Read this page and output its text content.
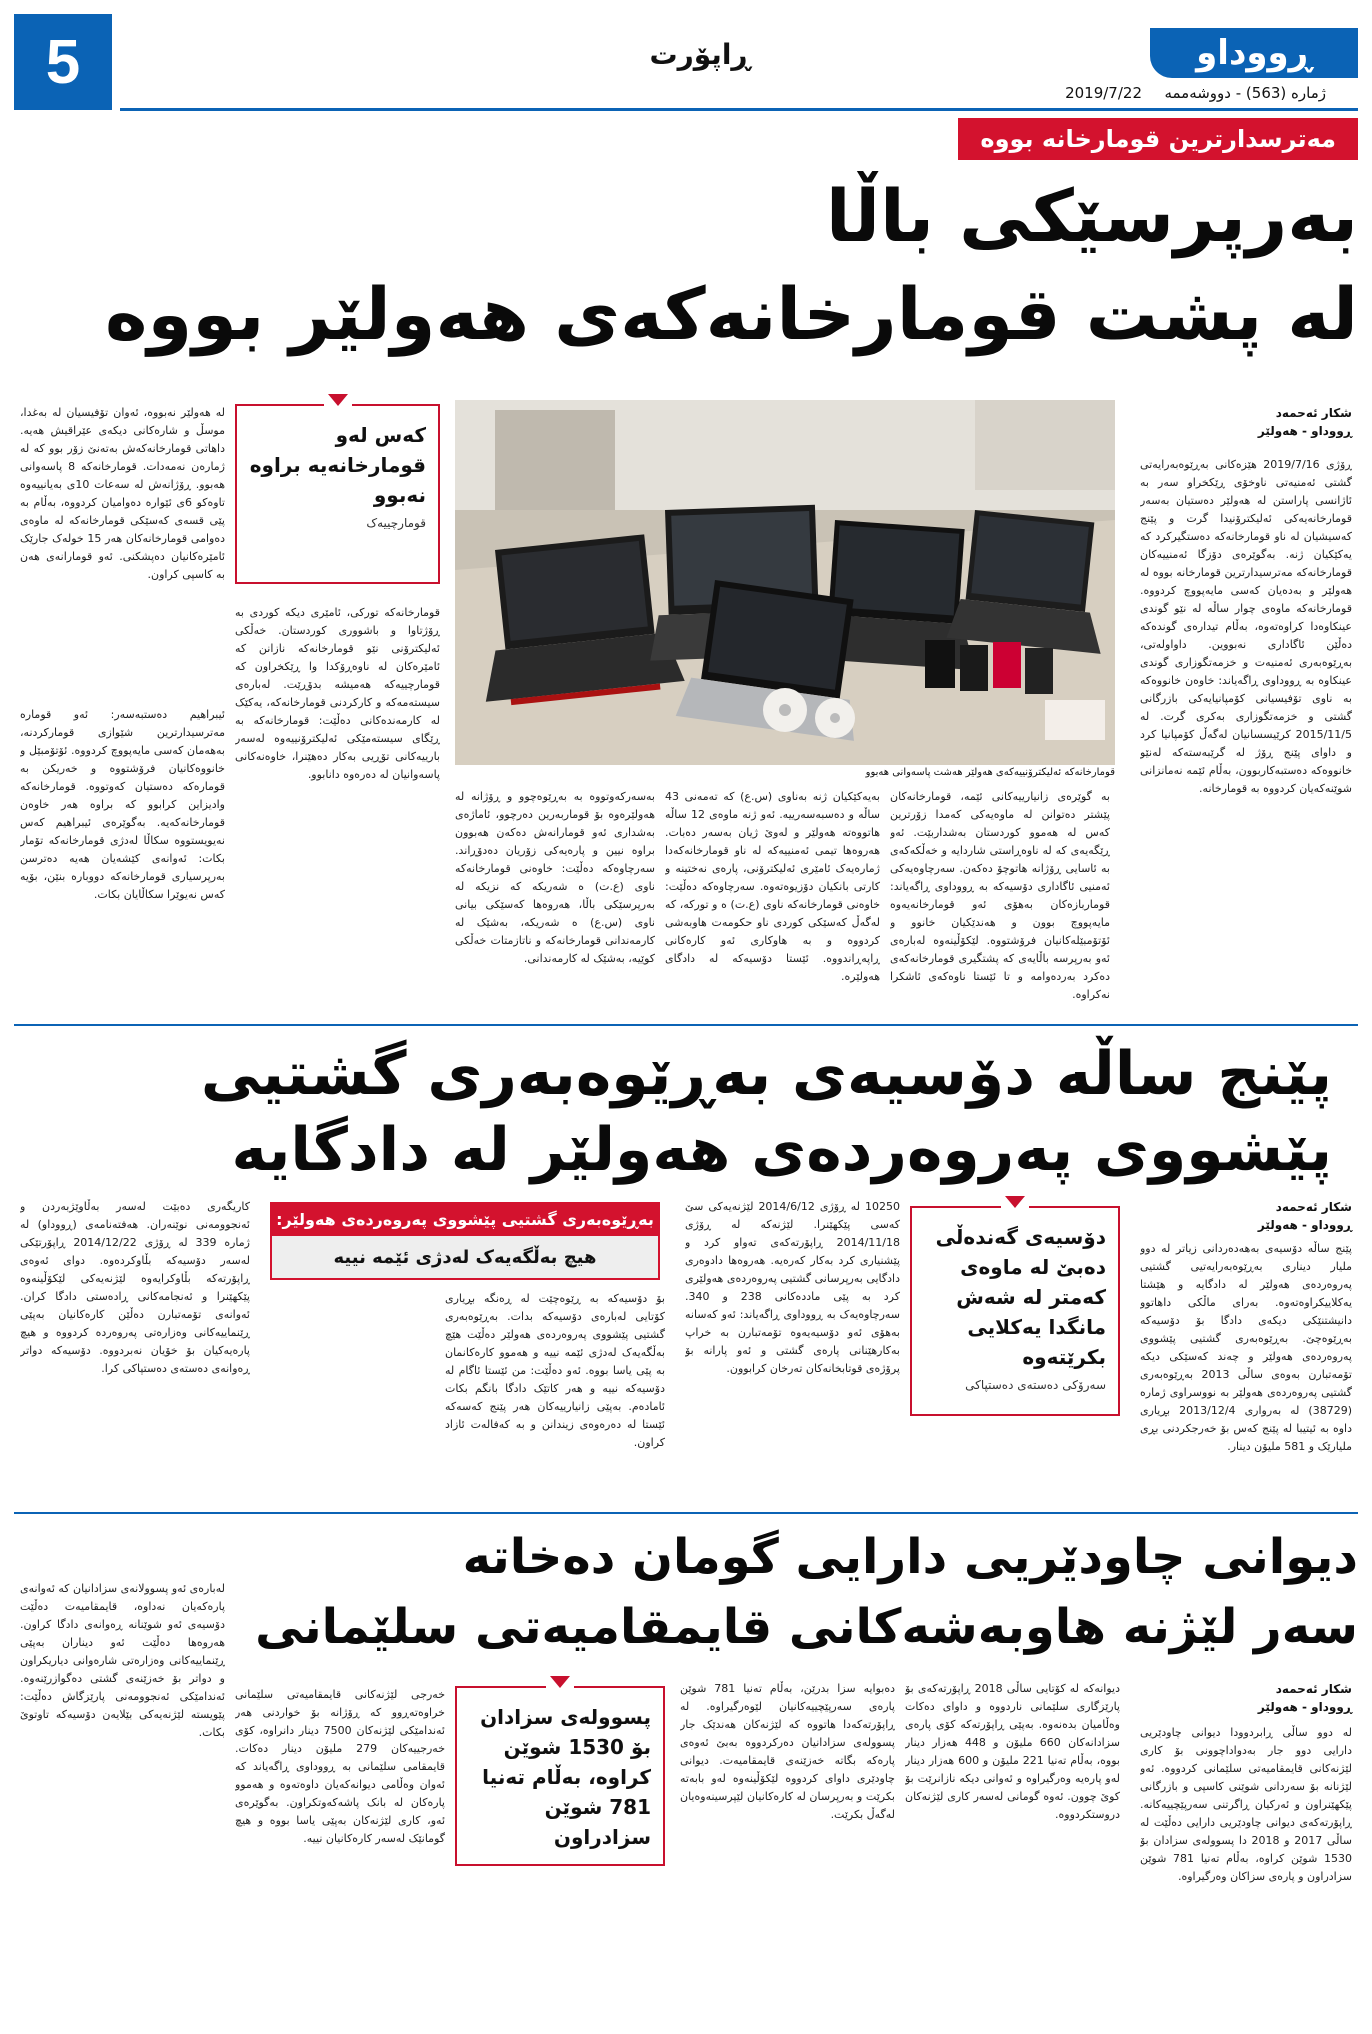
5	ڕاپۆرت	ڕووداو
ژمارە (563) - دووشەممە
2019/7/22
مەترسدارترین قومارخانە بووە
بەرپرسێکی باڵا
لە پشت قومارخانەکەی هەولێر بووە
شکار ئەحمەد
ڕووداو - هەولێر
ڕۆژی 2019/7/16 هێزەکانی بەڕێوەبەرایەتی گشتی ئەمنیەتی ناوخۆی ڕێکخراو سەر بە ئاژانسی پاراستن لە هەولێر دەستیان بەسەر قومارخانەیەکی ئەلیکترۆنیدا گرت و پێنج کەسیشیان لە ناو قومارخانەکە دەستگیرکرد کە یەکێکیان ژنە. بەگوێرەی دۆزگا ئەمنییەکان قومارخانەکە مەترسیدارترین قومارخانە بووە لە هەولێر و بەدەیان کەسی مایەپووچ کردووە. قومارخانەکە ماوەی چوار ساڵە لە نێو گوندی عینکاوەدا کراوەتەوە، بەڵام تیدارەی گوندەکە دەڵێن ئاگاداری نەبووین. داواولەتی، بەڕێوەبەری ئەمنیەت و خزمەتگوزاری گوندی عینکاوە بە ڕووداوی ڕاگەیاند: خاوەن خانووەکە بە ناوی تۆفیسیانی کۆمپانیایەکی بازرگانی گشتی و خزمەتگوزاری بەکری گرت. لە 2015/11/5 کرێیسسانیان لەگەڵ کۆمپانیا کرد و داوای پێنج ڕۆژ لە گرێبەستەکە لەنێو خانووەکە دەستبەکاربوون، بەڵام ئێمە نەمانزانی شوێنەکەیان کردووە بە قومارخانە.
بە گوێرەی زانیارییەکانی ئێمە، قومارخانەکان پێشتر دەتوانن لە ماوەیەکی کەمدا زۆرترین کەس لە هەموو کوردستان بەشداربێت. ئەو ڕێگەیەی کە لە ناوەڕاستی شاردایە و خەڵکەکەی بە ئاسایی ڕۆژانە هاتوچۆ دەکەن. سەرچاوەیەکی ئەمنیی ئاگاداری دۆسیەکە بە ڕووداوی ڕاگەیاند: قوماربازەکان بەهۆی ئەو قومارخانەیەوە مایەپووچ بوون و هەندێکیان خانوو و ئۆتۆمبێلەکانیان فرۆشتووە. لێکۆڵینەوە لەبارەی ئەو بەرپرسە باڵایەی کە پشتگیری قومارخانەکەی دەکرد بەردەوامە و تا ئێستا ناوەکەی ئاشکرا نەکراوە.
بەیەکێکیان ژنە بەناوی (س.ع) کە تەمەنی 43 ساڵە و دەسبەسەرییە. ئەو ژنە ماوەی 12 ساڵە هاتووەتە هەولێر و لەوێ ژیان بەسەر دەبات. هەروەها تیمی ئەمنییەکە لە ناو قومارخانەکەدا ژمارەیەک ئامێری ئەلیکترۆنی، پارەی نەختینە و کارتی بانکیان دۆزیوەتەوە. سەرچاوەکە دەڵێت: خاوەنی قومارخانەکە ناوی (ع.ت) ە و تورکە، کە لەگەڵ کەسێکی کوردی ناو حکومەت هاوبەشی کردووە و بە هاوکاری ئەو کارەکانی ڕاپەڕاندووە. ئێستا دۆسیەکە لە دادگای هەولێرە.
بەسەرکەوتووە بە بەڕێوەچوو و ڕۆژانە لە هەولێرەوە بۆ قوماربەرین دەرچوو، ئاماژەی بەشداری ئەو قومارانەش دەکەن هەبوون براوە نیین و پارەیەکی زۆریان دەدۆڕاند. سەرچاوەکە دەڵێت: خاوەنی قومارخانەکە ناوی (ع.ت) ە شەریکە کە نزیکە لە بەرپرسێکی باڵا، هەروەها کەسێکی بیانی ناوی (س.ع) ە شەریکە، بەشێک لە کارمەندانی قومارخانەکە و ناتازمتات خەڵکی کوێیە، بەشێک لە کارمەندانی.
قومارخانەکە تورکی، ئامێری دیکە کوردی بە ڕۆژتاوا و باشووری کوردستان. خەڵکی ئەلیکترۆنی نێو قومارخانەکە نازانن کە ئامێرەکان لە ناوەڕۆکدا وا ڕێکخراون کە قومارچییەکە هەمیشە بدۆڕێت. لەبارەی سیستەمەکە و کارکردنی قومارخانەکە، یەکێک لە کارمەندەکانی دەڵێت: قومارخانەکە بە ڕێگای سیستەمێکی ئەلیکترۆنییەوە لەسەر بارییەکانی تۆڕیی بەکار دەهێنرا، خاوەنەکانی پاسەوانیان لە دەرەوە دانابوو.
لە هەولێر نەبووە، ئەوان تۆفیسیان لە بەغدا، موسڵ و شارەکانی دیکەی عێراقیش هەیە. داهاتی قومارخانەکەش بەتەنێ زۆر بوو کە لە ژمارەن نەمەدات. قومارخانەکە 8 پاسەوانی هەبوو. ڕۆژانەش لە سەعات 10ی بەیانییەوە تاوەکو 6ی ئێوارە دەوامیان کردووە، بەڵام بە پێی قسەی کەسێکی قومارخانەکە لە ماوەی دەوامی قومارخانەکان هەر 15 خولەک جارێک ئامێرەکانیان دەپشکنی. ئەو قومارانەی هەن بە کاسپی کراون.
ئیبراهیم دەستبەسەر: ئەو قومارە مەترسیدارترین شێوازی قومارکردنە، بەهەمان کەسی مایەپووچ کردووە. ئۆتۆمبێل و خانووەکانیان فرۆشتووە و خەریکن بە قومارەکە دەستیان کەوتووە. قومارخانەکە وادیزاین کرابوو کە براوە هەر خاوەن قومارخانەکەیە. بەگوێرەی ئیبراهیم کەس نەیویستووە سکاڵا لەدژی قومارخانەکە تۆمار بکات: ئەوانەی کێشەیان هەیە دەترسن بەرپرسیاری قومارخانەکە دووبارە بنێن، بۆیە کەس نەیوێرا سکاڵایان بکات.
قومارخانەکە ئەلیکترۆنییەکەی هەولێر هەشت پاسەوانی هەبوو
کەس لەو قومارخانەیە براوە نەبوو
قومارچییەک
پێنج ساڵە دۆسیەی بەڕێوەبەری گشتیی
پێشووی پەروەردەی هەولێر لە دادگایە
شکار ئەحمەد
ڕووداو - هەولێر
پێنج ساڵە دۆسیەی بەهەدەردانی زیاتر لە دوو ملیار دیناری بەڕێوەبەرایەتیی گشتیی پەروەردەی هەولێر لە دادگایە و هێشتا یەکلاییکراوەتەوە. بەرای ماڵکی داهاتوو دانیشتنێکی دیکەی دادگا بۆ دۆسیەکە بەڕێوەچێ. بەڕێوەبەری گشتیی پێشووی پەروەردەی هەولێر و چەند کەسێکی دیکە تۆمەتبارن بەوەی ساڵی 2013 بەڕێوەبەری گشتیی پەروەردەی هەولێر بە نووسراوی ژمارە (38729) لە بەرواری 2013/12/4 بڕیاری داوە بە ئیتیبا لە پێنج کەس بۆ خەرجکردنی بڕی ملیارێک و 581 ملیۆن دینار.
دۆسیەی گەندەڵی دەبێ لە ماوەی کەمتر لە شەش مانگدا یەکلایی بکرێتەوە
سەرۆکی دەستەی دەستپاکی
10250 لە ڕۆژی 2014/6/12 لێژنەیەکی سێ کەسی پێکهێنرا. لێژنەکە لە ڕۆژی 2014/11/18 ڕاپۆرتەکەی تەواو کرد و پێشنیاری کرد بەکار کەرەیە. هەروەها دادوەری دادگایی بەرپرسانی گشتیی پەروەردەی هەولێری کرد بە پێی ماددەکانی 238 و 340. سەرچاوەیەک بە ڕووداوی ڕاگەیاند: ئەو کەسانە بەهۆی ئەو دۆسیەیەوە تۆمەتبارن بە خراپ بەکارهێنانی پارەی گشتی و ئەو پارانە بۆ پرۆژەی قوتابخانەکان تەرخان کرابوون.
بەڕێوەبەری گشتیی پێشووی پەروەردەی هەولێر:
هیچ بەڵگەیەک لەدژی ئێمە نییە
بۆ دۆسیەکە بە ڕێوەچێت لە ڕەنگە بڕیاری کۆتایی لەبارەی دۆسیەکە بدات. بەڕێوەبەری گشتیی پێشووی پەروەردەی هەولێر دەڵێت هێچ بەڵگەیەک لەدژی ئێمە نییە و هەموو کارەکانمان بە پێی یاسا بووە. ئەو دەڵێت: من ئێستا ئاگام لە دۆسیەکە نییە و هەر کاتێک دادگا بانگم بکات ئامادەم. بەپێی زانیارییەکان هەر پێنج کەسەکە ئێستا لە دەرەوەی زیندانن و بە کەفالەت ئازاد کراون.
کاریگەری دەبێت لەسەر بەڵاوێژبەردن و ئەنجوومەنی نوێنەران. هەفتەنامەی (ڕووداو) لە ژمارە 339 لە ڕۆژی 2014/12/22 ڕاپۆرتێکی لەسەر دۆسیەکە بڵاوکردەوە. دوای ئەوەی ڕاپۆرتەکە بڵاوکرایەوە لێژنەیەکی لێکۆڵینەوە پێکهێنرا و ئەنجامەکانی ڕادەستی دادگا کران. ئەوانەی تۆمەتبارن دەڵێن کارەکانیان بەپێی ڕێنماییەکانی وەزارەتی پەروەردە کردووە و هیچ پارەیەکیان بۆ خۆیان نەبردووە. دۆسیەکە دواتر ڕەوانەی دەستەی دەستپاکی کرا.
دیوانی چاودێریی دارایی گومان دەخاتە
سەر لێژنە هاوبەشەکانی قایمقامیەتی سلێمانی
شکار ئەحمەد
ڕووداو - هەولێر
لە دوو ساڵی ڕابردوودا دیوانی چاودێریی دارایی دوو جار بەدواداچوونی بۆ کاری لێژنەکانی قایمقامیەتی سلێمانی کردووە. ئەو لێژنانە بۆ سەردانی شوێنی کاسپی و بازرگانی پێکهێنراون و ئەرکیان ڕاگرتنی سەرپێچییەکانە. ڕاپۆرتەکەی دیوانی چاودێریی دارایی دەڵێت لە ساڵی 2017 و 2018 دا پسوولەی سزادان بۆ 1530 شوێن کراوە، بەڵام تەنیا 781 شوێن سزادراون و پارەی سزاکان وەرگیراوە.
دیوانەکە لە کۆتایی ساڵی 2018 ڕاپۆرتەکەی بۆ پارێزگاری سلێمانی ناردووە و داوای دەکات وەڵامیان بدەنەوە. بەپێی ڕاپۆرتەکە کۆی پارەی سزادانەکان 660 ملیۆن و 448 هەزار دینار بووە، بەڵام تەنیا 221 ملیۆن و 600 هەزار دینار لەو پارەیە وەرگیراوە و ئەوانی دیکە نازانرێت بۆ کوێ چوون. ئەوە گومانی لەسەر کاری لێژنەکان دروستکردووە.
دەبوایە سزا بدرێن، بەڵام تەنیا 781 شوێن پارەی سەرپێچییەکانیان لێوەرگیراوە. لە ڕاپۆرتەکەدا هاتووە کە لێژنەکان هەندێک جار پسوولەی سزادانیان دەرکردووە بەبێ ئەوەی پارەکە بگاتە خەزێنەی قایمقامیەت. دیوانی چاودێری داوای کردووە لێکۆڵینەوە لەو بابەتە بکرێت و بەرپرسان لە کارەکانیان لێپرسینەوەیان لەگەڵ بکرێت.
پسوولەی سزادان بۆ 1530 شوێن کراوە، بەڵام تەنیا 781 شوێن سزادراون
خەرجی لێژنەکانی قایمقامیەتی سلێمانی خراوەتەڕوو کە ڕۆژانە بۆ خواردنی هەر ئەندامێکی لێژنەکان 7500 دینار دانراوە، کۆی خەرجییەکان 279 ملیۆن دینار دەکات. قایمقامی سلێمانی بە ڕووداوی ڕاگەیاند کە ئەوان وەڵامی دیوانەکەیان داوەتەوە و هەموو پارەکان لە بانک پاشەکەوتکراون. بەگوێرەی ئەو، کاری لێژنەکان بەپێی یاسا بووە و هیچ گومانێک لەسەر کارەکانیان نییە.
لەبارەی ئەو پسوولانەی سزادانیان کە ئەوانەی پارەکەیان نەداوە، قایمقامیەت دەڵێت دۆسیەی ئەو شوێنانە ڕەوانەی دادگا کراون. هەروەها دەڵێت ئەو دیناران بەپێی ڕێنماییەکانی وەزارەتی شارەوانی دیاریکراون و دواتر بۆ خەزێنەی گشتی دەگوازرێنەوە. ئەندامێکی ئەنجوومەنی پارێزگاش دەڵێت: پێویستە لێژنەیەکی بێلایەن دۆسیەکە تاوتوێ بکات.
